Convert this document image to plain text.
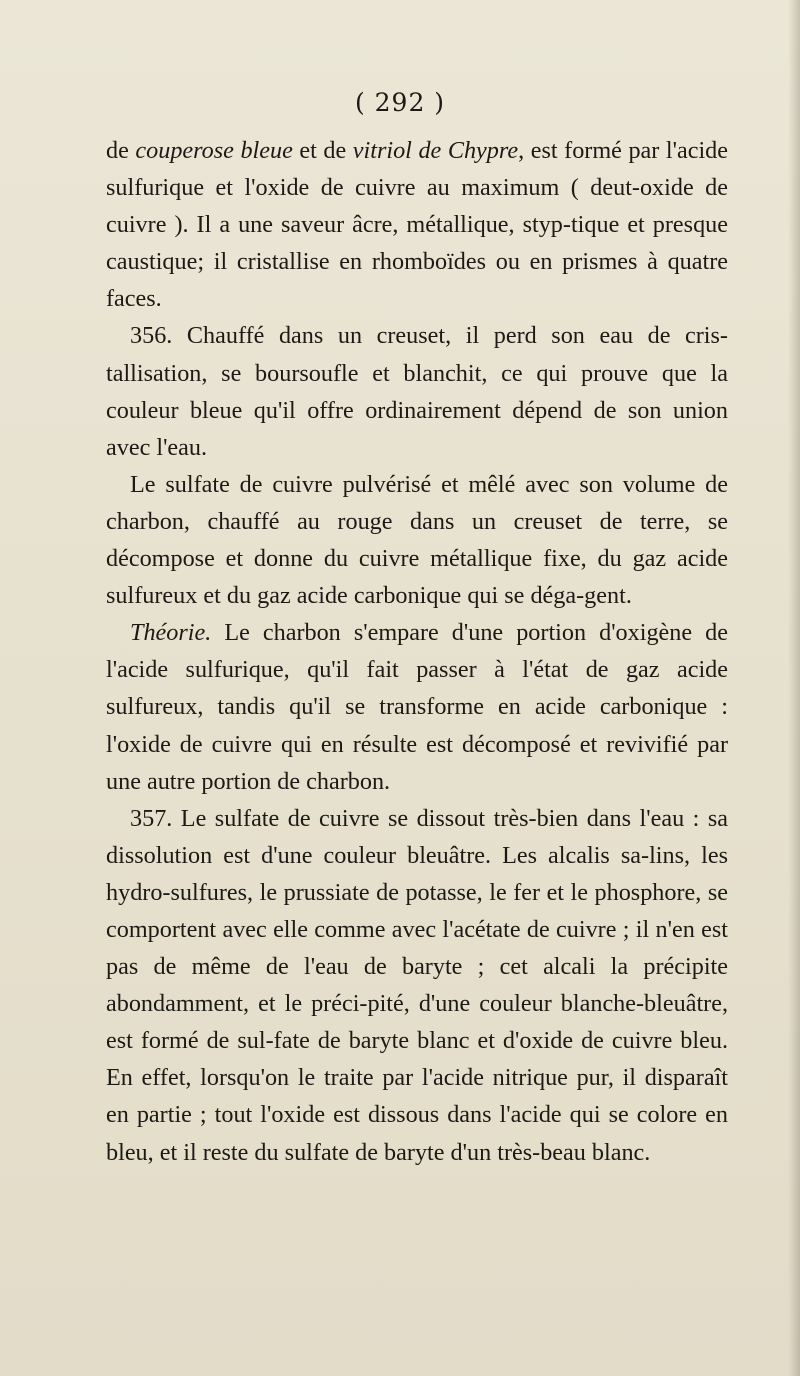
( 292 )

de couperose bleue et de vitriol de Chypre, est formé par l'acide sulfurique et l'oxide de cuivre au maximum ( deut-oxide de cuivre ). Il a une saveur âcre, métallique, styp-tique et presque caustique; il cristallise en rhomboïdes ou en prismes à quatre faces.

356. Chauffé dans un creuset, il perd son eau de cris-tallisation, se boursoufle et blanchit, ce qui prouve que la couleur bleue qu'il offre ordinairement dépend de son union avec l'eau.

Le sulfate de cuivre pulvérisé et mêlé avec son volume de charbon, chauffé au rouge dans un creuset de terre, se décompose et donne du cuivre métallique fixe, du gaz acide sulfureux et du gaz acide carbonique qui se déga-gent.

Théorie. Le charbon s'empare d'une portion d'oxigène de l'acide sulfurique, qu'il fait passer à l'état de gaz acide sulfureux, tandis qu'il se transforme en acide carbonique : l'oxide de cuivre qui en résulte est décomposé et revivifié par une autre portion de charbon.

357. Le sulfate de cuivre se dissout très-bien dans l'eau : sa dissolution est d'une couleur bleuâtre. Les alcalis sa-lins, les hydro-sulfures, le prussiate de potasse, le fer et le phosphore, se comportent avec elle comme avec l'acétate de cuivre ; il n'en est pas de même de l'eau de baryte ; cet alcali la précipite abondamment, et le préci-pité, d'une couleur blanche-bleuâtre, est formé de sul-fate de baryte blanc et d'oxide de cuivre bleu. En effet, lorsqu'on le traite par l'acide nitrique pur, il disparaît en partie ; tout l'oxide est dissous dans l'acide qui se colore en bleu, et il reste du sulfate de baryte d'un très-beau blanc.
